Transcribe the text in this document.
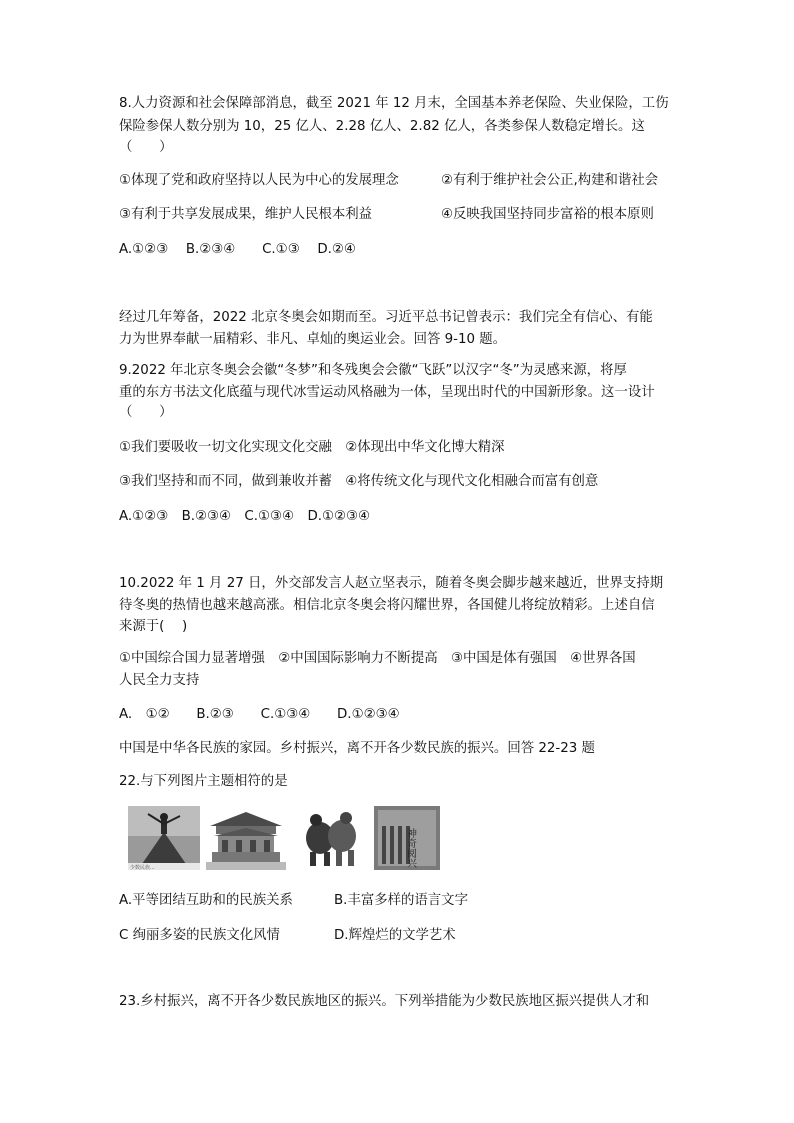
8.人力资源和社会保障部消息，截至 2021 年 12 月末，全国基本养老保险、失业保险，工伤
保险参保人数分别为 10，25 亿人、2.28 亿人、2.82 亿人，各类参保人数稳定增长。这
（　　）
①体现了党和政府坚持以人民为中心的发展理念	②有利于维护社会公正,构建和谐社会
③有利于共享发展成果，维护人民根本利益	④反映我国坚持同步富裕的根本原则
A.①②③　 B.②③④　　C.①③　 D.②④
经过几年筹备，2022 北京冬奥会如期而至。习近平总书记曾表示：我们完全有信心、有能
力为世界奉献一届精彩、非凡、卓灿的奥运业会。回答 9-10 题。
9.2022 年北京冬奥会会徽“冬梦”和冬残奥会会徽“飞跃”以汉字“冬”为灵感来源，将厚
重的东方书法文化底蕴与现代冰雪运动风格融为一体，呈现出时代的中国新形象。这一设计
（　　）
①我们要吸收一切文化实现文化交融　②体现出中华文化博大精深
③我们坚持和而不同，做到兼收并蓄　④将传统文化与现代文化相融合而富有创意
A.①②③　B.②③④　C.①③④　D.①②③④
10.2022 年 1 月 27 日，外交部发言人赵立坚表示，随着冬奥会脚步越来越近，世界支持期
待冬奥的热情也越来越高涨。相信北京冬奥会将闪耀世界，各国健儿将绽放精彩。上述自信
来源于(　 )
①中国综合国力显著增强　②中国国际影响力不断提高　③中国是体有强国　④世界各国
人民全力支持
A.　①②　　B.②③　　C.①③④　　D.①②③④
中国是中华各民族的家园。乡村振兴，离不开各少数民族的振兴。回答 22-23 题
22.与下列图片主题相符的是
少数民族...	神奇阅兴
A.平等团结互助和的民族关系	B.丰富多样的语言文字
C 绚丽多姿的民族文化风情	D.辉煌烂的文学艺术
23.乡村振兴，离不开各少数民族地区的振兴。下列举措能为少数民族地区振兴提供人才和
